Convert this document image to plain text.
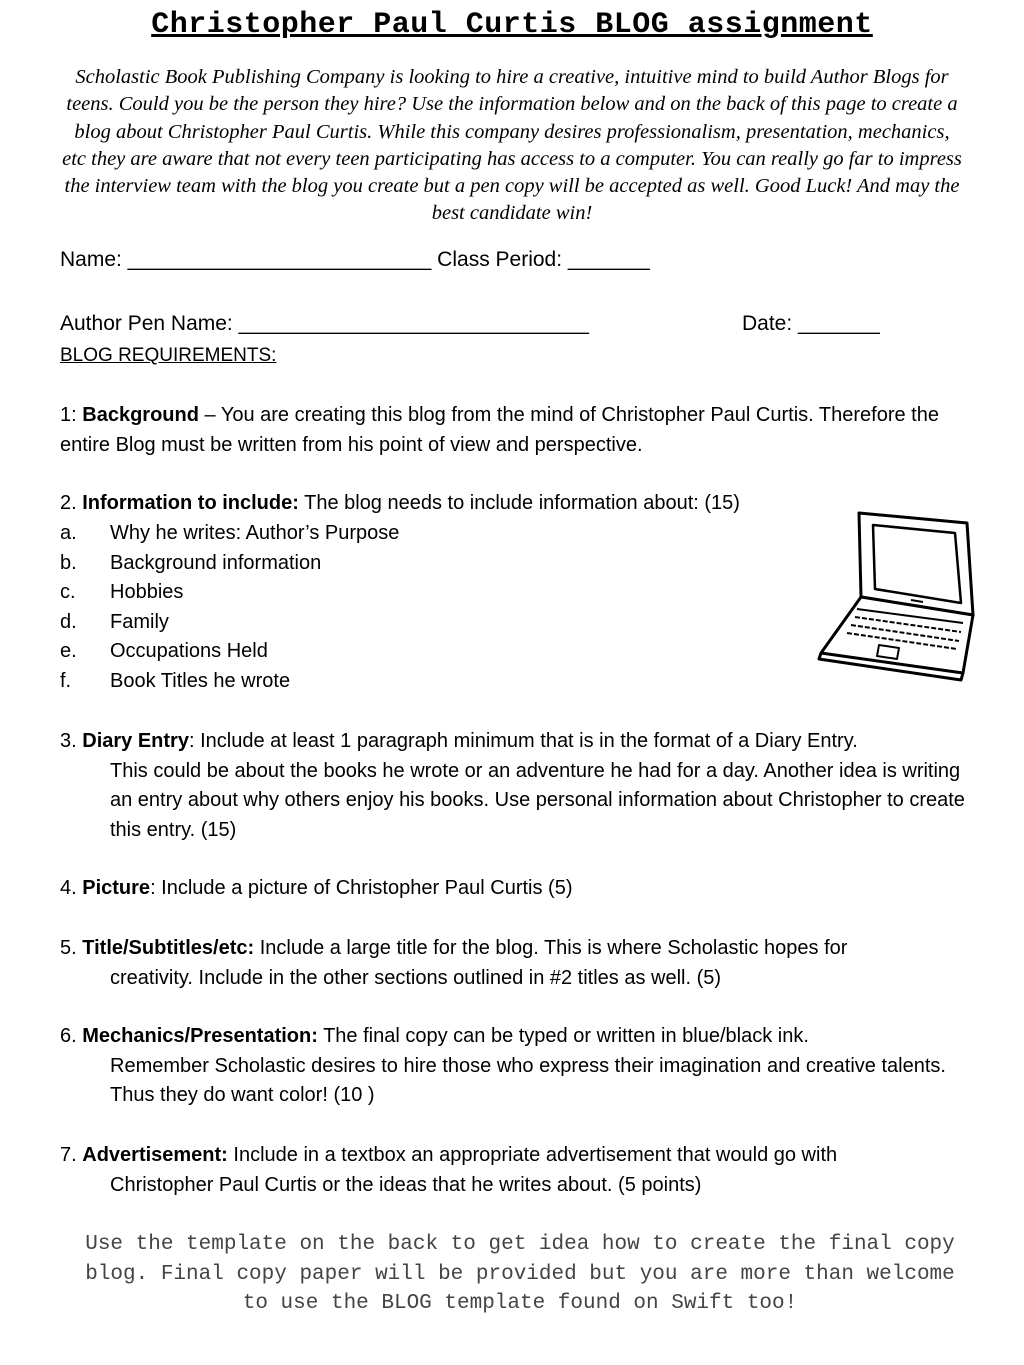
Christopher Paul Curtis BLOG assignment
Scholastic Book Publishing Company is looking to hire a creative, intuitive mind to build Author Blogs for teens. Could you be the person they hire? Use the information below and on the back of this page to create a blog about Christopher Paul Curtis. While this company desires professionalism, presentation, mechanics, etc they are aware that not every teen participating has access to a computer. You can really go far to impress the interview team with the blog you create but a pen copy will be accepted as well. Good Luck! And may the best candidate win!
Name: __________________________ Class Period: _______
Author Pen Name: ______________________________	Date: _______
BLOG REQUIREMENTS:
1: Background – You are creating this blog from the mind of Christopher Paul Curtis. Therefore the entire Blog must be written from his point of view and perspective.
2. Information to include: The blog needs to include information about: (15)
a.	Why he writes: Author’s Purpose
b.	Background information
c.	Hobbies
d.	Family
e.	Occupations Held
f.	Book Titles he wrote
3. Diary Entry: Include at least 1 paragraph minimum that is in the format of a Diary Entry.
This could be about the books he wrote or an adventure he had for a day. Another idea is writing an entry about why others enjoy his books. Use personal information about Christopher to create this entry. (15)
4. Picture: Include a picture of Christopher Paul Curtis (5)
5. Title/Subtitles/etc: Include a large title for the blog. This is where Scholastic hopes for
creativity. Include in the other sections outlined in #2 titles as well. (5)
6. Mechanics/Presentation: The final copy can be typed or written in blue/black ink.
Remember Scholastic desires to hire those who express their imagination and creative talents. Thus they do want color! (10 )
7. Advertisement: Include in a textbox an appropriate advertisement that would go with
Christopher Paul Curtis or the ideas that he writes about. (5 points)
Use the template on the back to get idea how to create the final copy blog. Final copy paper will be provided but you are more than welcome to use the BLOG template found on Swift too!
